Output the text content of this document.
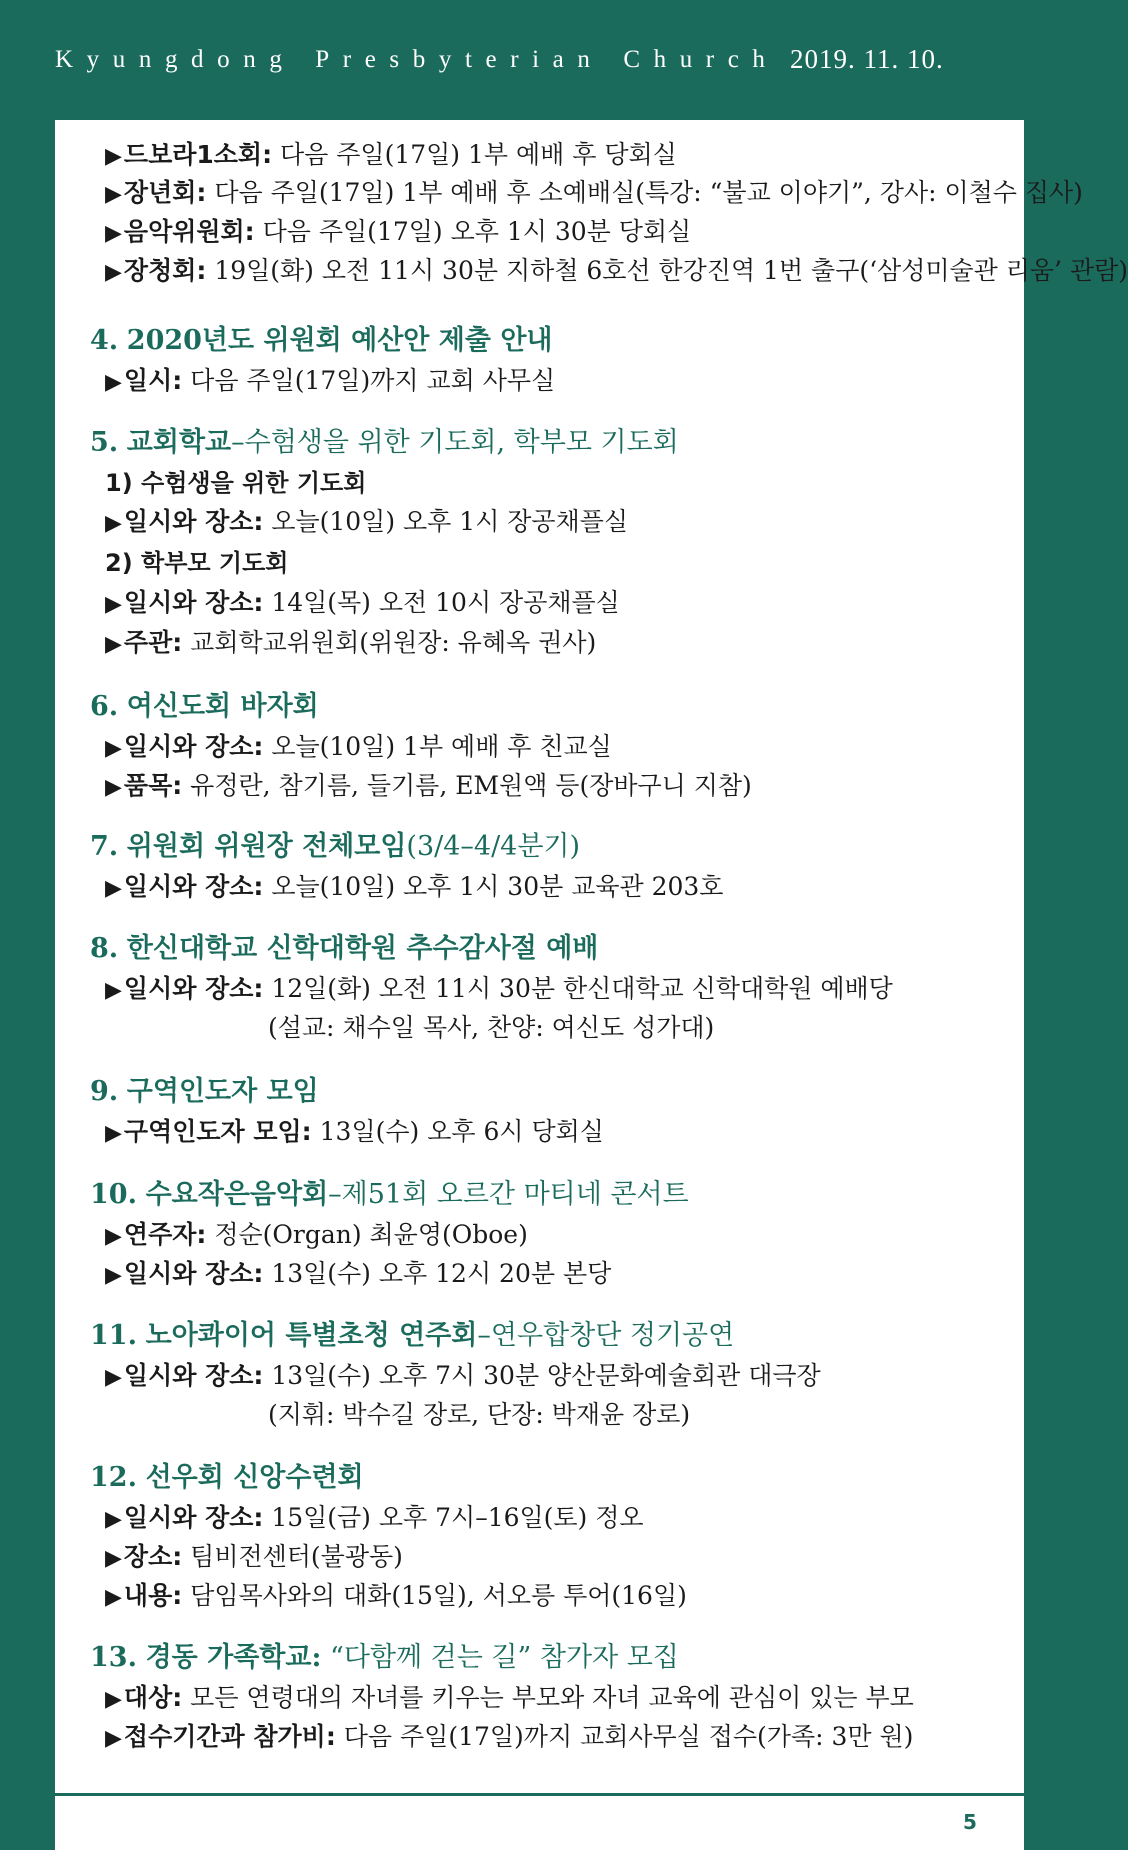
Kyungdong Presbyterian Church 2019. 11. 10.
▶드보라1소회: 다음 주일(17일) 1부 예배 후 당회실
▶장년회: 다음 주일(17일) 1부 예배 후 소예배실(특강: “불교 이야기”, 강사: 이철수 집사)
▶음악위원회: 다음 주일(17일) 오후 1시 30분 당회실
▶장청회: 19일(화) 오전 11시 30분 지하철 6호선 한강진역 1번 출구(‘삼성미술관 리움’ 관람)
4. 2020년도 위원회 예산안 제출 안내
▶일시: 다음 주일(17일)까지 교회 사무실
5. 교회학교–수험생을 위한 기도회, 학부모 기도회
1) 수험생을 위한 기도회
▶일시와 장소: 오늘(10일) 오후 1시 장공채플실
2) 학부모 기도회
▶일시와 장소: 14일(목) 오전 10시 장공채플실
▶주관: 교회학교위원회(위원장: 유혜옥 권사)
6. 여신도회 바자회
▶일시와 장소: 오늘(10일) 1부 예배 후 친교실
▶품목: 유정란, 참기름, 들기름, EM원액 등(장바구니 지참)
7. 위원회 위원장 전체모임(3/4–4/4분기)
▶일시와 장소: 오늘(10일) 오후 1시 30분 교육관 203호
8. 한신대학교 신학대학원 추수감사절 예배
▶일시와 장소: 12일(화) 오전 11시 30분 한신대학교 신학대학원 예배당
(설교: 채수일 목사, 찬양: 여신도 성가대)
9. 구역인도자 모임
▶구역인도자 모임: 13일(수) 오후 6시 당회실
10. 수요작은음악회–제51회 오르간 마티네 콘서트
▶연주자: 정순(Organ) 최윤영(Oboe)
▶일시와 장소: 13일(수) 오후 12시 20분 본당
11. 노아콰이어 특별초청 연주회–연우합창단 정기공연
▶일시와 장소: 13일(수) 오후 7시 30분 양산문화예술회관 대극장
(지휘: 박수길 장로, 단장: 박재윤 장로)
12. 선우회 신앙수련회
▶일시와 장소: 15일(금) 오후 7시–16일(토) 정오
▶장소: 팀비전센터(불광동)
▶내용: 담임목사와의 대화(15일), 서오릉 투어(16일)
13. 경동 가족학교: “다함께 걷는 길” 참가자 모집
▶대상: 모든 연령대의 자녀를 키우는 부모와 자녀 교육에 관심이 있는 부모
▶접수기간과 참가비: 다음 주일(17일)까지 교회사무실 접수(가족: 3만 원)
5
